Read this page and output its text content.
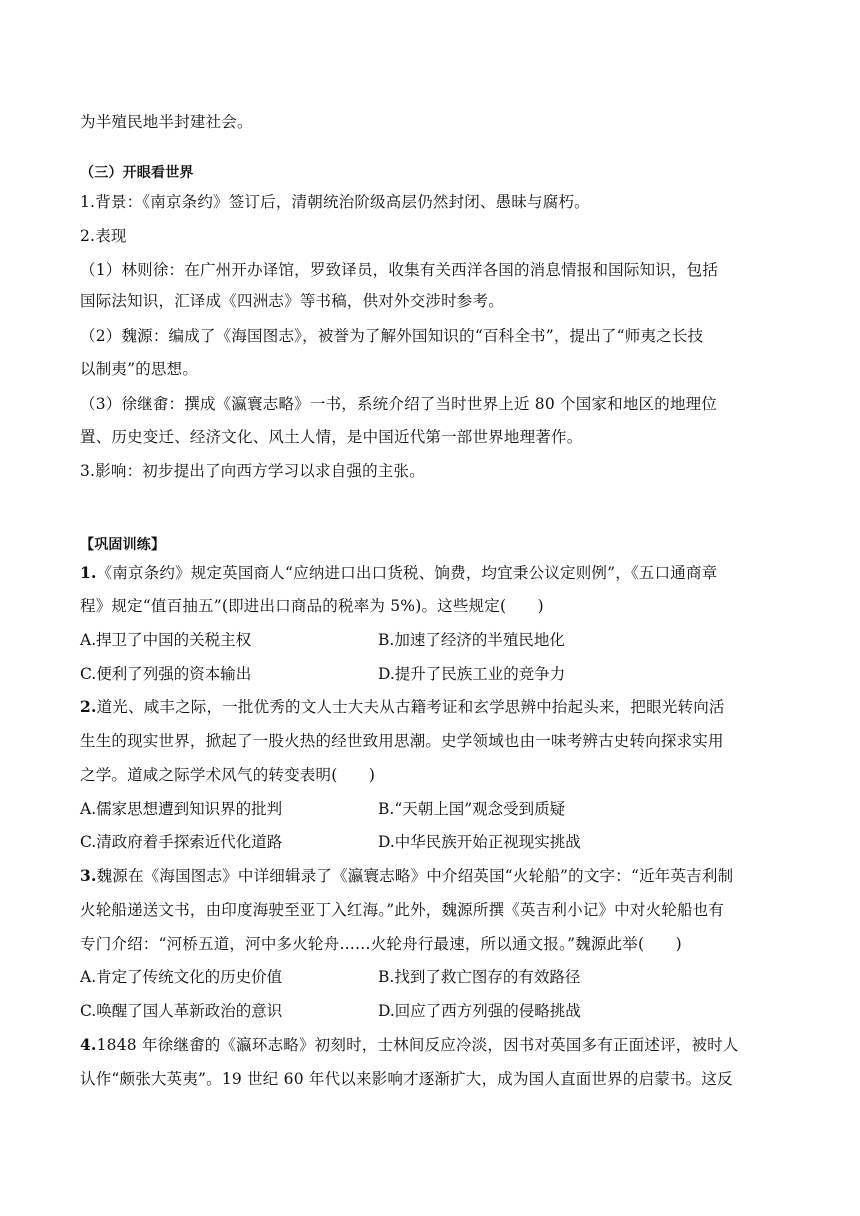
为半殖民地半封建社会。
（三）开眼看世界
1.背景：《南京条约》签订后，清朝统治阶级高层仍然封闭、愚昧与腐朽。
2.表现
（1）林则徐：在广州开办译馆，罗致译员，收集有关西洋各国的消息情报和国际知识，包括
国际法知识，汇译成《四洲志》等书稿，供对外交涉时参考。
（2）魏源：编成了《海国图志》，被誉为了解外国知识的“百科全书”，提出了“师夷之长技
以制夷”的思想。
（3）徐继畬：撰成《瀛寰志略》一书，系统介绍了当时世界上近 80 个国家和地区的地理位
置、历史变迁、经济文化、风土人情，是中国近代第一部世界地理著作。
3.影响：初步提出了向西方学习以求自强的主张。
【巩固训练】
1.《南京条约》规定英国商人“应纳进口出口货税、饷费，均宜秉公议定则例”，《五口通商章
程》规定“值百抽五”(即进出口商品的税率为 5%)。这些规定(　　)
A.捍卫了中国的关税主权	B.加速了经济的半殖民地化
C.便利了列强的资本输出	D.提升了民族工业的竞争力
2.道光、咸丰之际，一批优秀的文人士大夫从古籍考证和玄学思辨中抬起头来，把眼光转向活
生生的现实世界，掀起了一股火热的经世致用思潮。史学领域也由一味考辨古史转向探求实用
之学。道咸之际学术风气的转变表明(　　)
A.儒家思想遭到知识界的批判	B.“天朝上国”观念受到质疑
C.清政府着手探索近代化道路	D.中华民族开始正视现实挑战
3.魏源在《海国图志》中详细辑录了《瀛寰志略》中介绍英国“火轮船”的文字：“近年英吉利制
火轮船递送文书，由印度海驶至亚丁入红海。”此外，魏源所撰《英吉利小记》中对火轮船也有
专门介绍：“河桥五道，河中多火轮舟……火轮舟行最速，所以通文报。”魏源此举(　　)
A.肯定了传统文化的历史价值	B.找到了救亡图存的有效路径
C.唤醒了国人革新政治的意识	D.回应了西方列强的侵略挑战
4.1848 年徐继畬的《瀛环志略》初刻时，士林间反应冷淡，因书对英国多有正面述评，被时人
认作“颇张大英夷”。19 世纪 60 年代以来影响才逐渐扩大，成为国人直面世界的启蒙书。这反
